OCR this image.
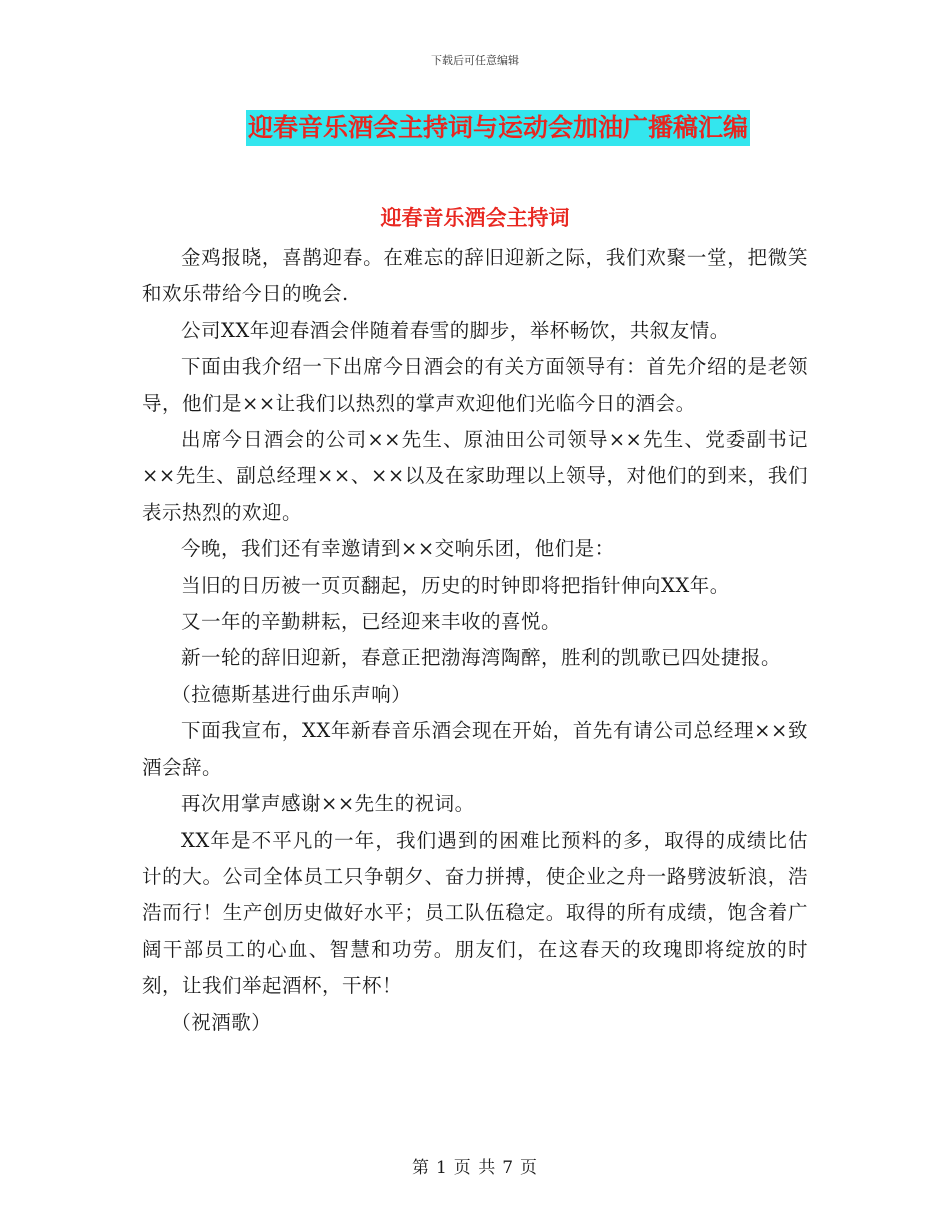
下载后可任意编辑
迎春音乐酒会主持词与运动会加油广播稿汇编
迎春音乐酒会主持词

金鸡报晓，喜鹊迎春。在难忘的辞旧迎新之际，我们欢聚一堂，把微笑和欢乐带给今日的晚会.

公司XX年迎春酒会伴随着春雪的脚步，举杯畅饮，共叙友情。

下面由我介绍一下出席今日酒会的有关方面领导有：首先介绍的是老领导，他们是××让我们以热烈的掌声欢迎他们光临今日的酒会。

出席今日酒会的公司××先生、原油田公司领导××先生、党委副书记××先生、副总经理××、××以及在家助理以上领导，对他们的到来，我们表示热烈的欢迎。

今晚，我们还有幸邀请到××交响乐团，他们是：

当旧的日历被一页页翻起，历史的时钟即将把指针伸向XX年。

又一年的辛勤耕耘，已经迎来丰收的喜悦。

新一轮的辞旧迎新，春意正把渤海湾陶醉，胜利的凯歌已四处捷报。

（拉德斯基进行曲乐声响）

下面我宣布，XX年新春音乐酒会现在开始，首先有请公司总经理××致酒会辞。

再次用掌声感谢××先生的祝词。

XX年是不平凡的一年，我们遇到的困难比预料的多，取得的成绩比估计的大。公司全体员工只争朝夕、奋力拼搏，使企业之舟一路劈波斩浪，浩浩而行！生产创历史做好水平；员工队伍稳定。取得的所有成绩，饱含着广阔干部员工的心血、智慧和功劳。朋友们，在这春天的玫瑰即将绽放的时刻，让我们举起酒杯，干杯！

（祝酒歌）

第 1 页 共 7 页
